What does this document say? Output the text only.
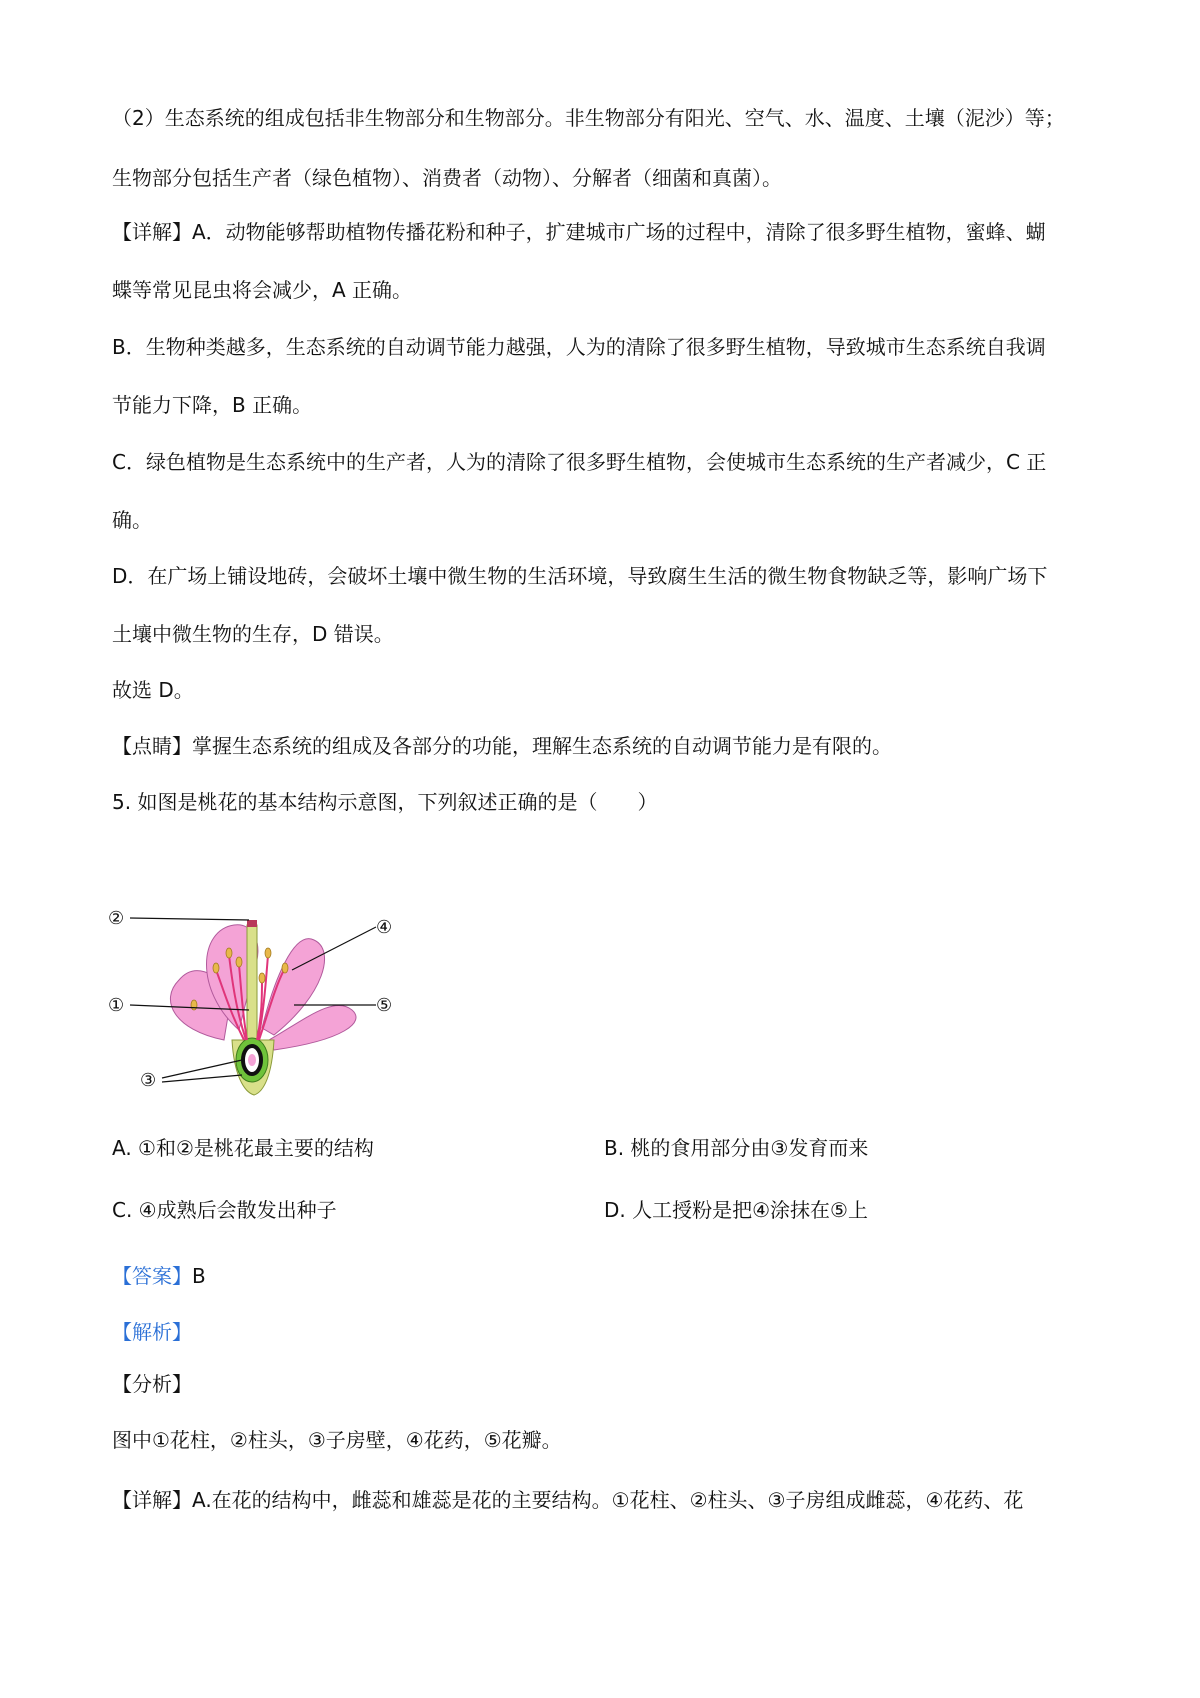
（2）生态系统的组成包括非生物部分和生物部分。非生物部分有阳光、空气、水、温度、土壤（泥沙）等；
生物部分包括生产者（绿色植物）、消费者（动物）、分解者（细菌和真菌）。
【详解】A．动物能够帮助植物传播花粉和种子，扩建城市广场的过程中，清除了很多野生植物，蜜蜂、蝴
蝶等常见昆虫将会减少，A 正确。
B．生物种类越多，生态系统的自动调节能力越强，人为的清除了很多野生植物，导致城市生态系统自我调
节能力下降，B 正确。
C．绿色植物是生态系统中的生产者，人为的清除了很多野生植物，会使城市生态系统的生产者减少，C 正
确。
D．在广场上铺设地砖，会破坏土壤中微生物的生活环境，导致腐生生活的微生物食物缺乏等，影响广场下
土壤中微生物的生存，D 错误。
故选 D。
【点睛】掌握生态系统的组成及各部分的功能，理解生态系统的自动调节能力是有限的。
5. 如图是桃花的基本结构示意图，下列叙述正确的是（　　）
②	④
①	⑤
③
A. ①和②是桃花最主要的结构	B. 桃的食用部分由③发育而来
C. ④成熟后会散发出种子	D. 人工授粉是把④涂抹在⑤上
【答案】B
【解析】
【分析】
图中①花柱，②柱头，③子房壁，④花药，⑤花瓣。
【详解】A.在花的结构中，雌蕊和雄蕊是花的主要结构。①花柱、②柱头、③子房组成雌蕊，④花药、花
